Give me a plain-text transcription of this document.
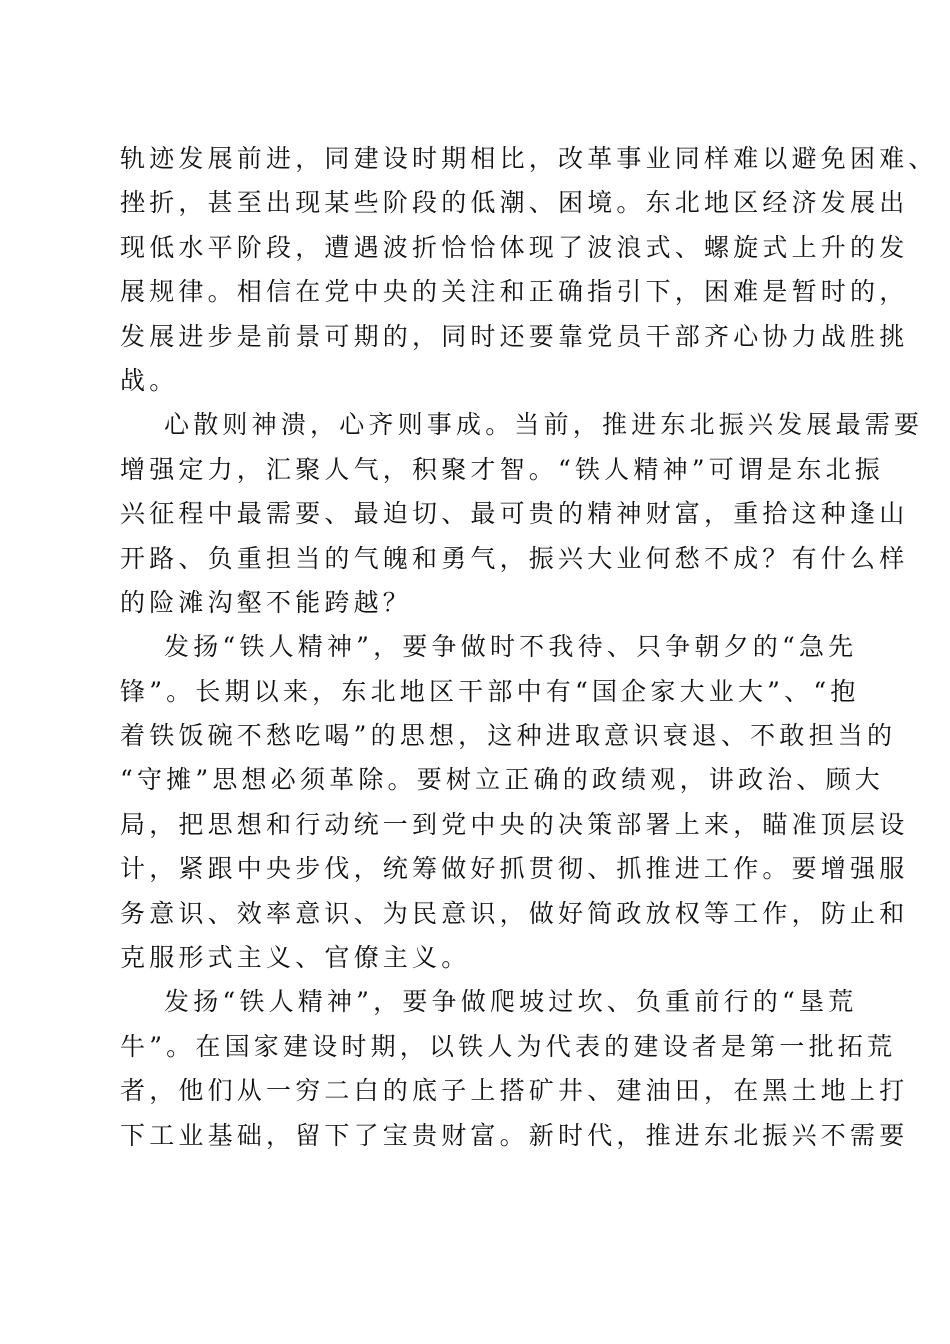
轨迹发展前进，同建设时期相比，改革事业同样难以避免困难、
挫折，甚至出现某些阶段的低潮、困境。东北地区经济发展出
现低水平阶段，遭遇波折恰恰体现了波浪式、螺旋式上升的发
展规律。相信在党中央的关注和正确指引下，困难是暂时的，
发展进步是前景可期的，同时还要靠党员干部齐心协力战胜挑
战。
心散则神溃，心齐则事成。当前，推进东北振兴发展最需要
增强定力，汇聚人气，积聚才智。“铁人精神”可谓是东北振
兴征程中最需要、最迫切、最可贵的精神财富，重拾这种逢山
开路、负重担当的气魄和勇气，振兴大业何愁不成？有什么样
的险滩沟壑不能跨越？
发扬“铁人精神”，要争做时不我待、只争朝夕的“急先
锋”。长期以来，东北地区干部中有“国企家大业大”、“抱
着铁饭碗不愁吃喝”的思想，这种进取意识衰退、不敢担当的
“守摊”思想必须革除。要树立正确的政绩观，讲政治、顾大
局，把思想和行动统一到党中央的决策部署上来，瞄准顶层设
计，紧跟中央步伐，统筹做好抓贯彻、抓推进工作。要增强服
务意识、效率意识、为民意识，做好简政放权等工作，防止和
克服形式主义、官僚主义。
发扬“铁人精神”，要争做爬坡过坎、负重前行的“垦荒
牛”。在国家建设时期，以铁人为代表的建设者是第一批拓荒
者，他们从一穷二白的底子上搭矿井、建油田，在黑土地上打
下工业基础，留下了宝贵财富。新时代，推进东北振兴不需要
